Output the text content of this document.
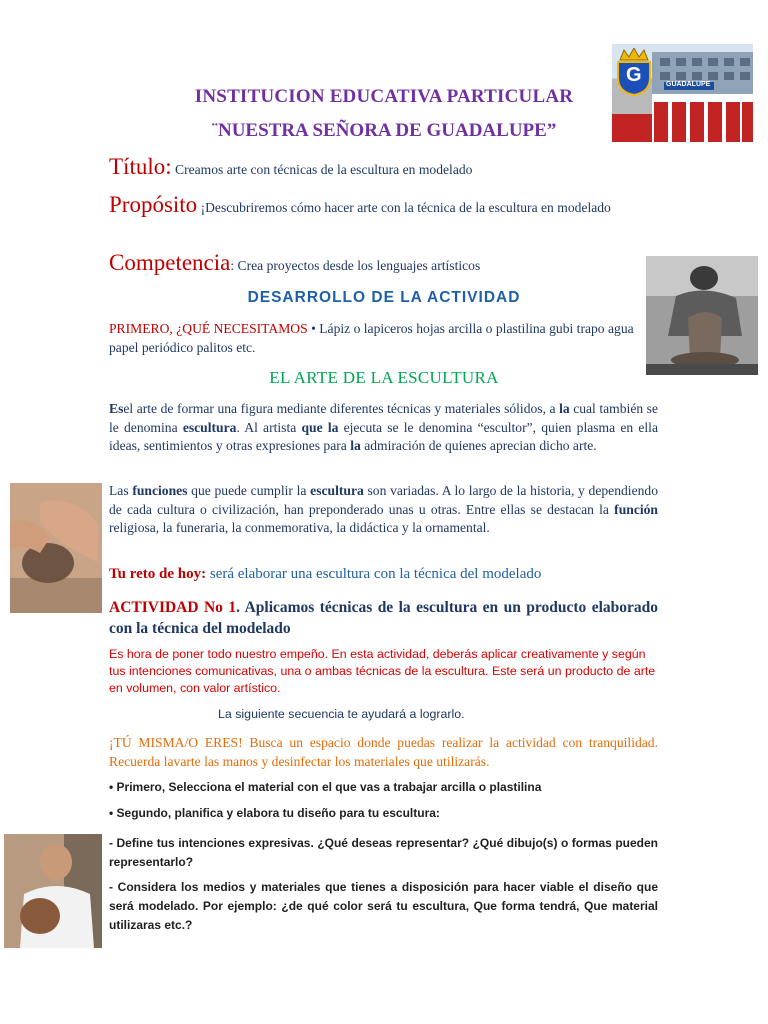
INSTITUCION EDUCATIVA PARTICULAR
¨NUESTRA SEÑORA DE GUADALUPE”
GUADALUPE
G
Título: Creamos arte con técnicas de la escultura en modelado
Propósito ¡Descubriremos cómo hacer arte con la técnica de la escultura en modelado
Competencia: Crea proyectos desde los lenguajes artísticos
DESARROLLO DE LA ACTIVIDAD
PRIMERO, ¿QUÉ NECESITAMOS • Lápiz o lapiceros hojas arcilla o plastilina gubi trapo agua papel periódico palitos etc.
EL ARTE DE LA ESCULTURA
Esel arte de formar una figura mediante diferentes técnicas y materiales sólidos, a la cual también se le denomina escultura. Al artista que la ejecuta se le denomina “escultor”, quien plasma en ella ideas, sentimientos y otras expresiones para la admiración de quienes aprecian dicho arte.
Las funciones que puede cumplir la escultura son variadas. A lo largo de la historia, y dependiendo de cada cultura o civilización, han preponderado unas u otras. Entre ellas se destacan la función religiosa, la funeraria, la conmemorativa, la didáctica y la ornamental.
Tu reto de hoy: será elaborar una escultura con la técnica del modelado
ACTIVIDAD No 1. Aplicamos técnicas de la escultura en un producto elaborado con la técnica del modelado
Es hora de poner todo nuestro empeño. En esta actividad, deberás aplicar creativamente y según tus intenciones comunicativas, una o ambas técnicas de la escultura. Este será un producto de arte en volumen, con valor artístico.
La siguiente secuencia te ayudará a lograrlo.
¡TÚ MISMA/O ERES! Busca un espacio donde puedas realizar la actividad con tranquilidad. Recuerda lavarte las manos y desinfectar los materiales que utilizarás.
• Primero, Selecciona el material con el que vas a trabajar arcilla o plastilina
• Segundo, planifica y elabora tu diseño para tu escultura:
- Define tus intenciones expresivas. ¿Qué deseas representar? ¿Qué dibujo(s) o formas pueden representarlo?
- Considera los medios y materiales que tienes a disposición para hacer viable el diseño que será modelado. Por ejemplo: ¿de qué color será tu escultura, Que forma tendrá, Que material utilizaras etc.?
